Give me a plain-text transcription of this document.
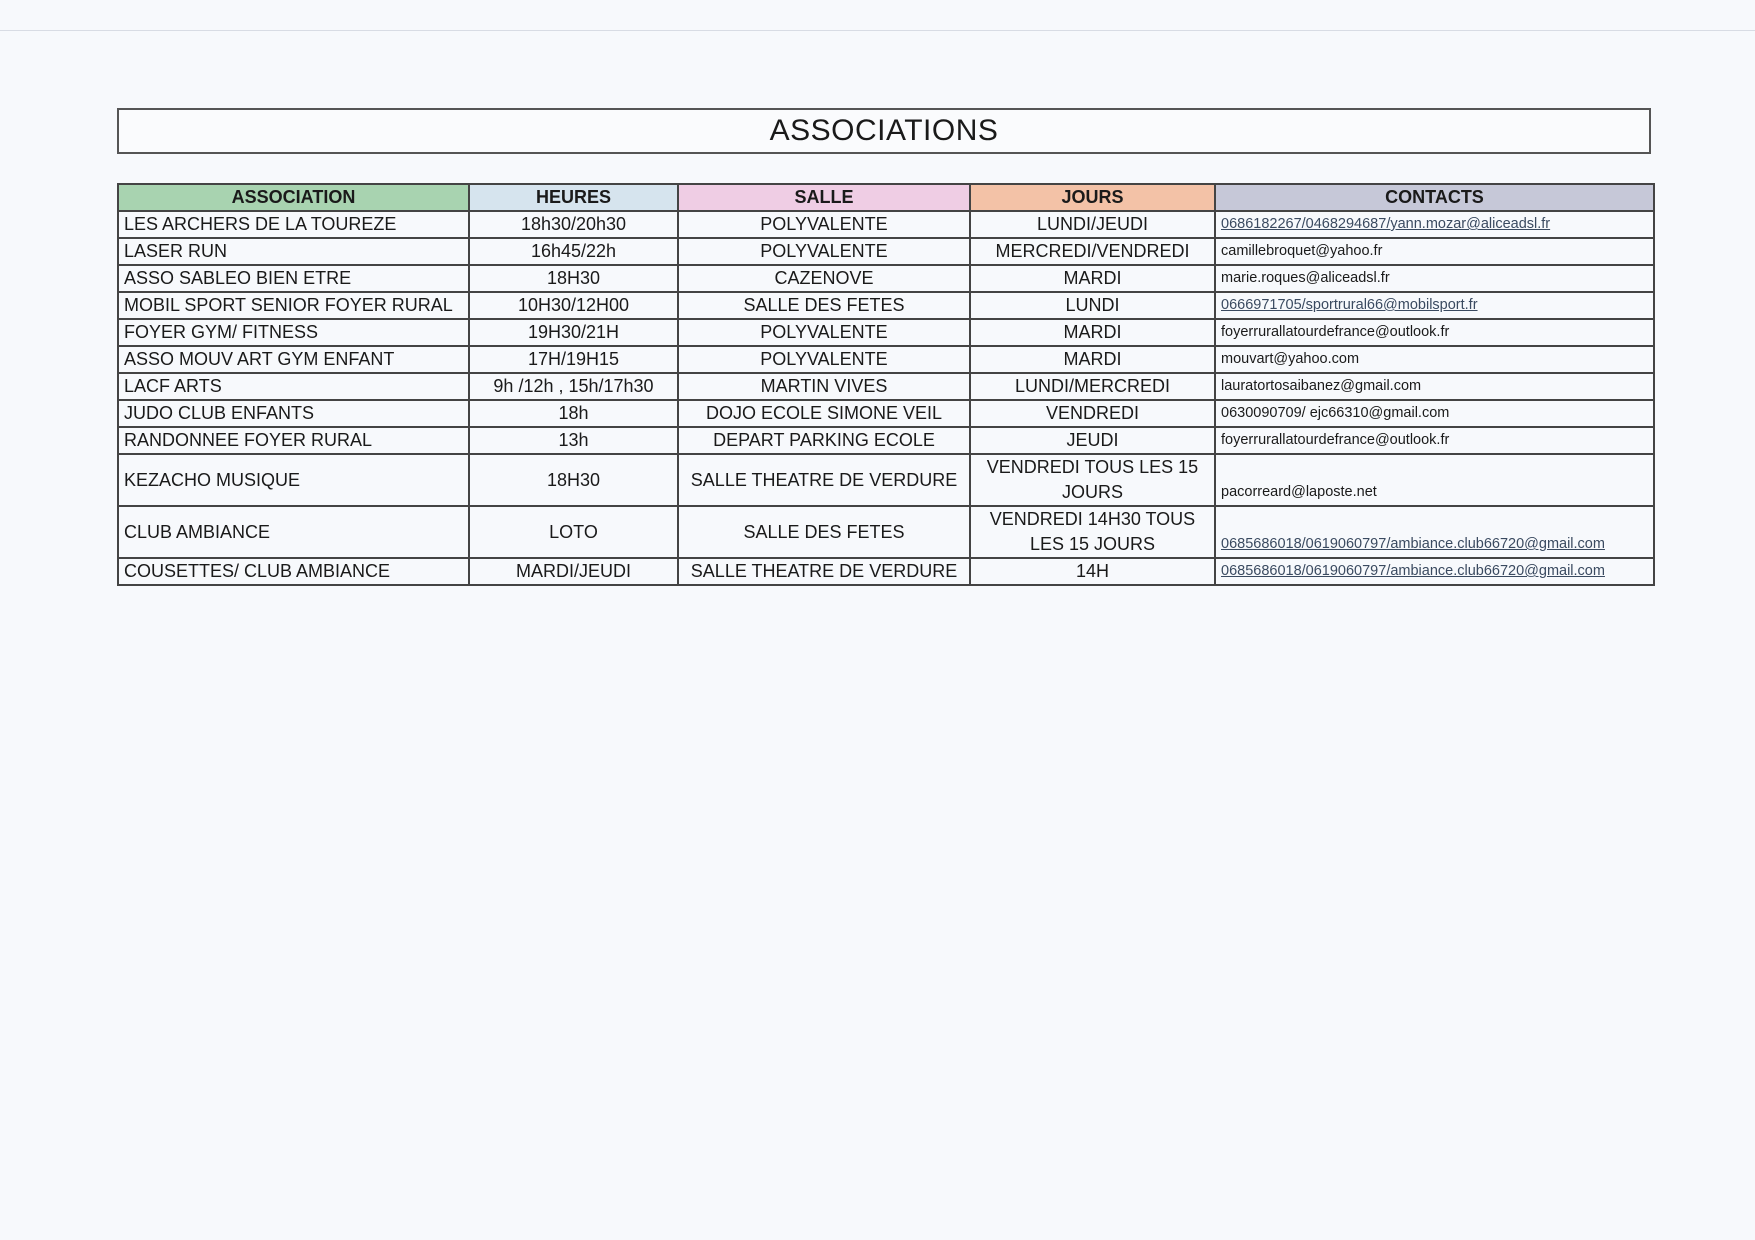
ASSOCIATIONS
ASSOCIATION	HEURES	SALLE	JOURS	CONTACTS
LES ARCHERS DE LA TOUREZE	18h30/20h30	POLYVALENTE	LUNDI/JEUDI	0686182267/0468294687/yann.mozar@aliceadsl.fr
LASER RUN	16h45/22h	POLYVALENTE	MERCREDI/VENDREDI	camillebroquet@yahoo.fr
ASSO SABLEO BIEN ETRE	18H30	CAZENOVE	MARDI	marie.roques@aliceadsl.fr
MOBIL SPORT SENIOR FOYER RURAL	10H30/12H00	SALLE DES FETES	LUNDI	0666971705/sportrural66@mobilsport.fr
FOYER GYM/ FITNESS	19H30/21H	POLYVALENTE	MARDI	foyerrurallatourdefrance@outlook.fr
ASSO MOUV ART GYM ENFANT	17H/19H15	POLYVALENTE	MARDI	mouvart@yahoo.com
LACF ARTS	9h /12h , 15h/17h30	MARTIN VIVES	LUNDI/MERCREDI	lauratortosaibanez@gmail.com
JUDO CLUB ENFANTS	18h	DOJO ECOLE SIMONE VEIL	VENDREDI	0630090709/ ejc66310@gmail.com
RANDONNEE FOYER RURAL	13h	DEPART PARKING ECOLE	JEUDI	foyerrurallatourdefrance@outlook.fr
KEZACHO MUSIQUE	18H30	SALLE THEATRE DE VERDURE	VENDREDI TOUS LES 15 JOURS	pacorreard@laposte.net
CLUB AMBIANCE	LOTO	SALLE DES FETES	VENDREDI 14H30 TOUS LES 15 JOURS	0685686018/0619060797/ambiance.club66720@gmail.com
COUSETTES/ CLUB AMBIANCE	MARDI/JEUDI	SALLE THEATRE DE VERDURE	14H	0685686018/0619060797/ambiance.club66720@gmail.com
